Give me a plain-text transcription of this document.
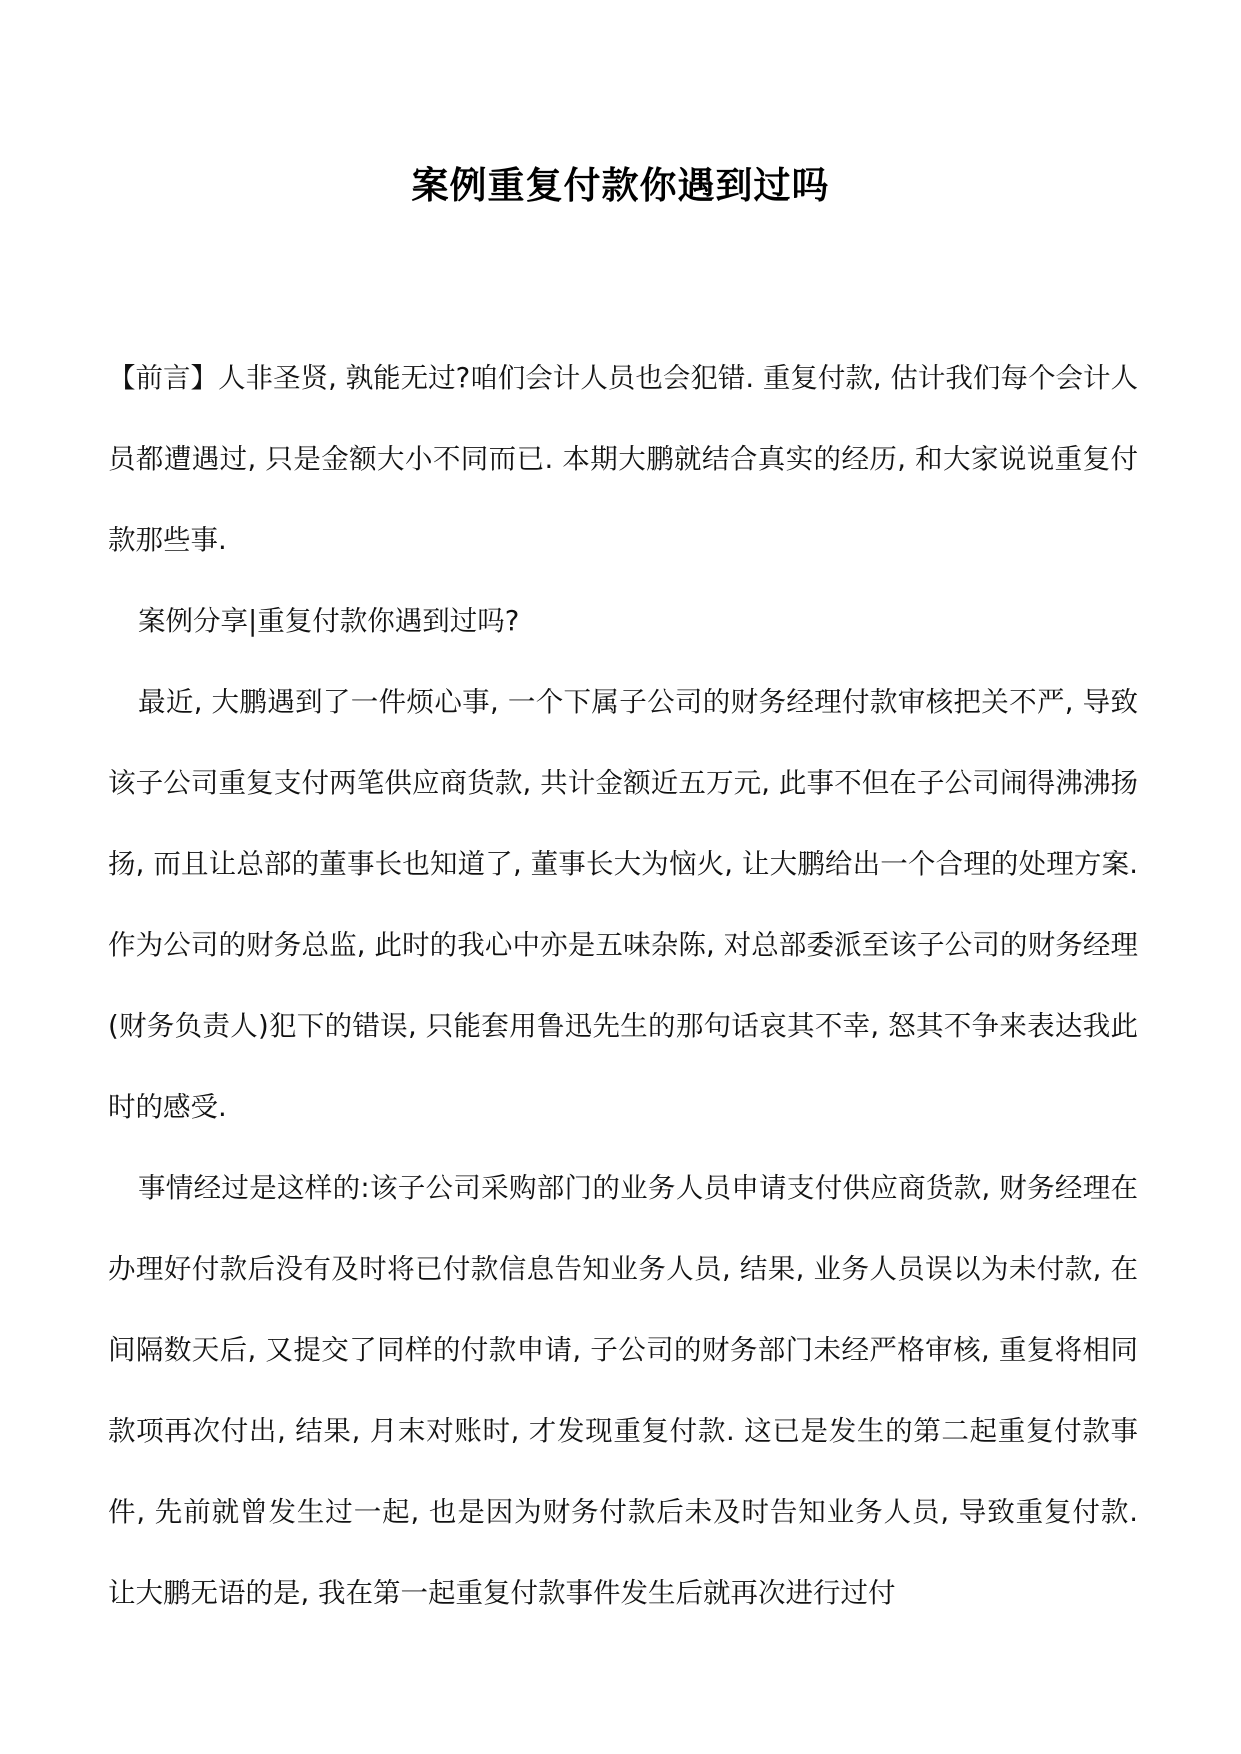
案例重复付款你遇到过吗

【前言】人非圣贤, 孰能无过?咱们会计人员也会犯错. 重复付款, 估计我们每个会计人员都遭遇过, 只是金额大小不同而已. 本期大鹏就结合真实的经历, 和大家说说重复付款那些事.

案例分享|重复付款你遇到过吗?

最近, 大鹏遇到了一件烦心事, 一个下属子公司的财务经理付款审核把关不严, 导致该子公司重复支付两笔供应商货款, 共计金额近五万元, 此事不但在子公司闹得沸沸扬扬, 而且让总部的董事长也知道了, 董事长大为恼火, 让大鹏给出一个合理的处理方案. 作为公司的财务总监, 此时的我心中亦是五味杂陈, 对总部委派至该子公司的财务经理(财务负责人)犯下的错误, 只能套用鲁迅先生的那句话哀其不幸, 怒其不争来表达我此时的感受.

事情经过是这样的:该子公司采购部门的业务人员申请支付供应商货款, 财务经理在办理好付款后没有及时将已付款信息告知业务人员, 结果, 业务人员误以为未付款, 在间隔数天后, 又提交了同样的付款申请, 子公司的财务部门未经严格审核, 重复将相同款项再次付出, 结果, 月末对账时, 才发现重复付款. 这已是发生的第二起重复付款事件, 先前就曾发生过一起, 也是因为财务付款后未及时告知业务人员, 导致重复付款. 让大鹏无语的是, 我在第一起重复付款事件发生后就再次进行过付
